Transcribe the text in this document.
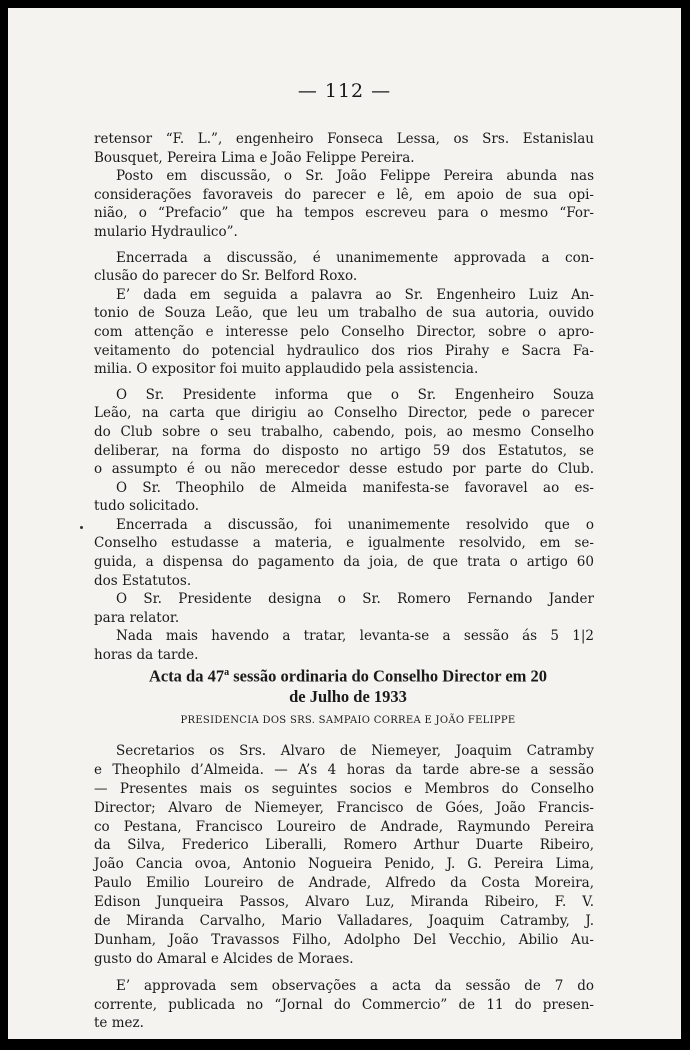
— 112 —
retensor “F. L.”, engenheiro Fonseca Lessa, os Srs. Estanislau
Bousquet, Pereira Lima e João Felippe Pereira.
Posto em discussão, o Sr. João Felippe Pereira abunda nas
considerações favoraveis do parecer e lê, em apoio de sua opi-
nião, o “Prefacio” que ha tempos escreveu para o mesmo “For-
mulario Hydraulico”.
Encerrada a discussão, é unanimemente approvada a con-
clusão do parecer do Sr. Belford Roxo.
E’ dada em seguida a palavra ao Sr. Engenheiro Luiz An-
tonio de Souza Leão, que leu um trabalho de sua autoria, ouvido
com attenção e interesse pelo Conselho Director, sobre o apro-
veitamento do potencial hydraulico dos rios Pirahy e Sacra Fa-
milia. O expositor foi muito applaudido pela assistencia.
O Sr. Presidente informa que o Sr. Engenheiro Souza
Leão, na carta que dirigiu ao Conselho Director, pede o parecer
do Club sobre o seu trabalho, cabendo, pois, ao mesmo Conselho
deliberar, na forma do disposto no artigo 59 dos Estatutos, se
o assumpto é ou não merecedor desse estudo por parte do Club.
O Sr. Theophilo de Almeida manifesta-se favoravel ao es-
tudo solicitado.
Encerrada a discussão, foi unanimemente resolvido que o
Conselho estudasse a materia, e igualmente resolvido, em se-
guida, a dispensa do pagamento da joia, de que trata o artigo 60
dos Estatutos.
O Sr. Presidente designa o Sr. Romero Fernando Jander
para relator.
Nada mais havendo a tratar, levanta-se a sessão ás 5 1|2
horas da tarde.
Acta da 47$^a$ sessão ordinaria do Conselho Director em 20
de Julho de 1933
PRESIDENCIA DOS SRS. SAMPAIO CORREA E JOÃO FELIPPE
Secretarios os Srs. Alvaro de Niemeyer, Joaquim Catramby
e Theophilo d’Almeida. — A’s 4 horas da tarde abre-se a sessão
— Presentes mais os seguintes socios e Membros do Conselho
Director; Alvaro de Niemeyer, Francisco de Góes, João Francis-
co Pestana, Francisco Loureiro de Andrade, Raymundo Pereira
da Silva, Frederico Liberalli, Romero Arthur Duarte Ribeiro,
João Cancia ovoa, Antonio Nogueira Penido, J. G. Pereira Lima,
Paulo Emilio Loureiro de Andrade, Alfredo da Costa Moreira,
Edison Junqueira Passos, Alvaro Luz, Miranda Ribeiro, F. V.
de Miranda Carvalho, Mario Valladares, Joaquim Catramby, J.
Dunham, João Travassos Filho, Adolpho Del Vecchio, Abilio Au-
gusto do Amaral e Alcides de Moraes.
E’ approvada sem observações a acta da sessão de 7 do
corrente, publicada no “Jornal do Commercio” de 11 do presen-
te mez.
